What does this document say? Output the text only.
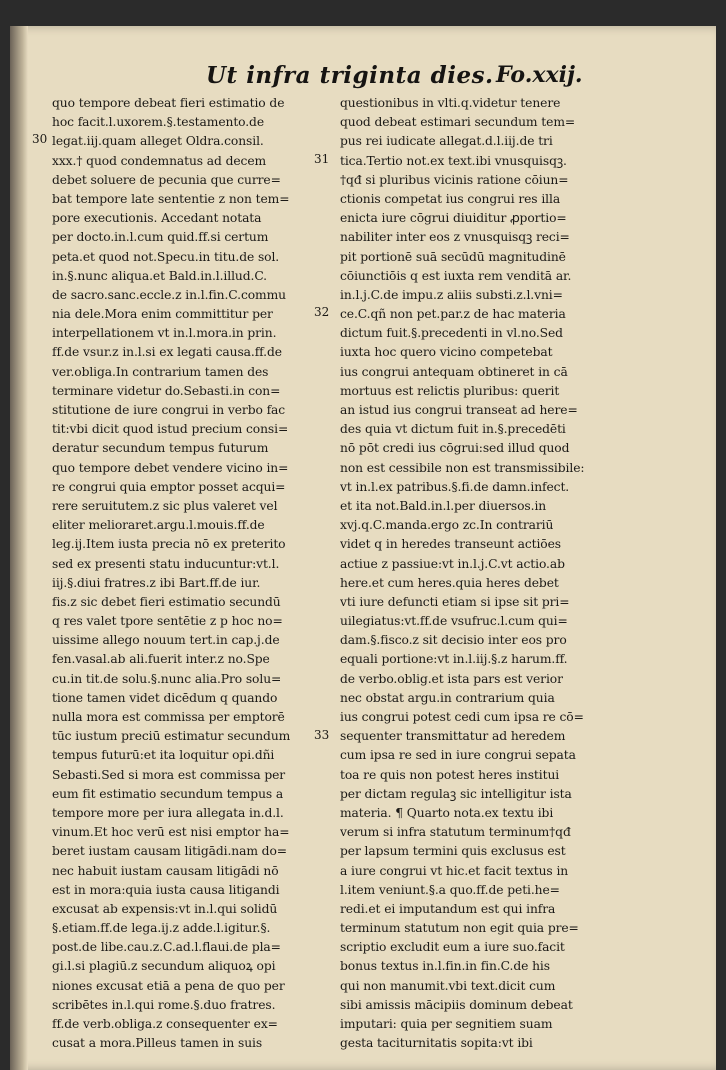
Ut infra triginta dies. Fo.xxij.
quo tempore debeat fieri estimatio de
hoc facit.l.uxorem.§.testamento.de
legat.iij.quam alleget Oldra.consil.
xxx.† quod condemnatus ad decem
debet soluere de pecunia que curre=
bat tempore late sententie z non tem=
pore executionis. Accedant notata
per docto.in.l.cum quid.ff.si certum
peta.et quod not.Specu.in titu.de sol.
in.§.nunc aliqua.et Bald.in.l.illud.C.
de sacro.sanc.eccle.z in.l.fin.C.commu
nia dele.Mora enim committitur per
interpellationem vt in.l.mora.in prin.
ff.de vsur.z in.l.si ex legati causa.ff.de
ver.obliga.In contrarium tamen des
terminare videtur do.Sebasti.in con=
stitutione de iure congrui in verbo fac
tit:vbi dicit quod istud precium consi=
deratur secundum tempus futurum
quo tempore debet vendere vicino in=
re congrui quia emptor posset acqui=
rere seruitutem.z sic plus valeret vel
eliter melioraret.argu.l.mouis.ff.de
leg.ij.Item iusta precia nō ex preterito
sed ex presenti statu inducuntur:vt.l.
iij.§.diui fratres.z ibi Bart.ff.de iur.
fis.z sic debet fieri estimatio secundū
q res valet tpore sentētie z p hoc no=
uissime allego nouum tert.in cap.j.de
fen.vasal.ab ali.fuerit inter.z no.Spe
cu.in tit.de solu.§.nunc alia.Pro solu=
tione tamen videt dicēdum q quando
nulla mora est commissa per emptorē
tūc iustum preciū estimatur secundum
tempus futurū:et ita loquitur opi.dñi
Sebasti.Sed si mora est commissa per
eum fit estimatio secundum tempus a
tempore more per iura allegata in.d.l.
vinum.Et hoc verū est nisi emptor ha=
beret iustam causam litigādi.nam do=
nec habuit iustam causam litigādi nō
est in mora:quia iusta causa litigandi
excusat ab expensis:vt in.l.qui solidū
§.etiam.ff.de lega.ij.z adde.l.igitur.§.
post.de libe.cau.z.C.ad.l.flaui.de pla=
gi.l.si plagiū.z secundum aliquoꝝ opi
niones excusat etiā a pena de quo per
scribētes in.l.qui rome.§.duo fratres.
ff.de verb.obliga.z consequenter ex=
cusat a mora.Pilleus tamen in suis
questionibus in vlti.q.videtur tenere
quod debeat estimari secundum tem=
pus rei iudicate allegat.d.l.iij.de tri
tica.Tertio not.ex text.ibi vnusquisqꝫ.
†qđ si pluribus vicinis ratione cōiun=
ctionis competat ius congrui res illa
enicta iure cōgrui diuiditur ꝓportio=
nabiliter inter eos z vnusquisqꝫ reci=
pit portionē suā secūdū magnitudinē
cōiunctiōis q est iuxta rem venditā ar.
in.l.j.C.de impu.z aliis substi.z.l.vni=
ce.C.qñ non pet.par.z de hac materia
dictum fuit.§.precedenti in vl.no.Sed
iuxta hoc quero vicino competebat
ius congrui antequam obtineret in cā
mortuus est relictis pluribus: querit
an istud ius congrui transeat ad here=
des quia vt dictum fuit in.§.precedēti
nō pōt credi ius cōgrui:sed illud quod
non est cessibile non est transmissibile:
vt in.l.ex patribus.§.fi.de damn.infect.
et ita not.Bald.in.l.per diuersos.in
xvj.q.C.manda.ergo zc.In contrariū
videt q in heredes transeunt actiōes
actiue z passiue:vt in.l.j.C.vt actio.ab
here.et cum heres.quia heres debet
vti iure defuncti etiam si ipse sit pri=
uilegiatus:vt.ff.de vsufruc.l.cum qui=
dam.§.fisco.z sit decisio inter eos pro
equali portione:vt in.l.iij.§.z harum.ff.
de verbo.oblig.et ista pars est verior
nec obstat argu.in contrarium quia
ius congrui potest cedi cum ipsa re cō=
sequenter transmittatur ad heredem
cum ipsa re sed in iure congrui sepata
toa re quis non potest heres institui
per dictam regulaꝫ sic intelligitur ista
materia. ¶ Quarto nota.ex textu ibi
verum si infra statutum terminum†qđ
per lapsum termini quis exclusus est
a iure congrui vt hic.et facit textus in
l.item veniunt.§.a quo.ff.de peti.he=
redi.et ei imputandum est qui infra
terminum statutum non egit quia pre=
scriptio excludit eum a iure suo.facit
bonus textus in.l.fin.in fin.C.de his
qui non manumit.vbi text.dicit cum
sibi amissis mācipiis dominum debeat
imputari: quia per segnitiem suam
gesta taciturnitatis sopita:vt ibi
30
31
32
33
